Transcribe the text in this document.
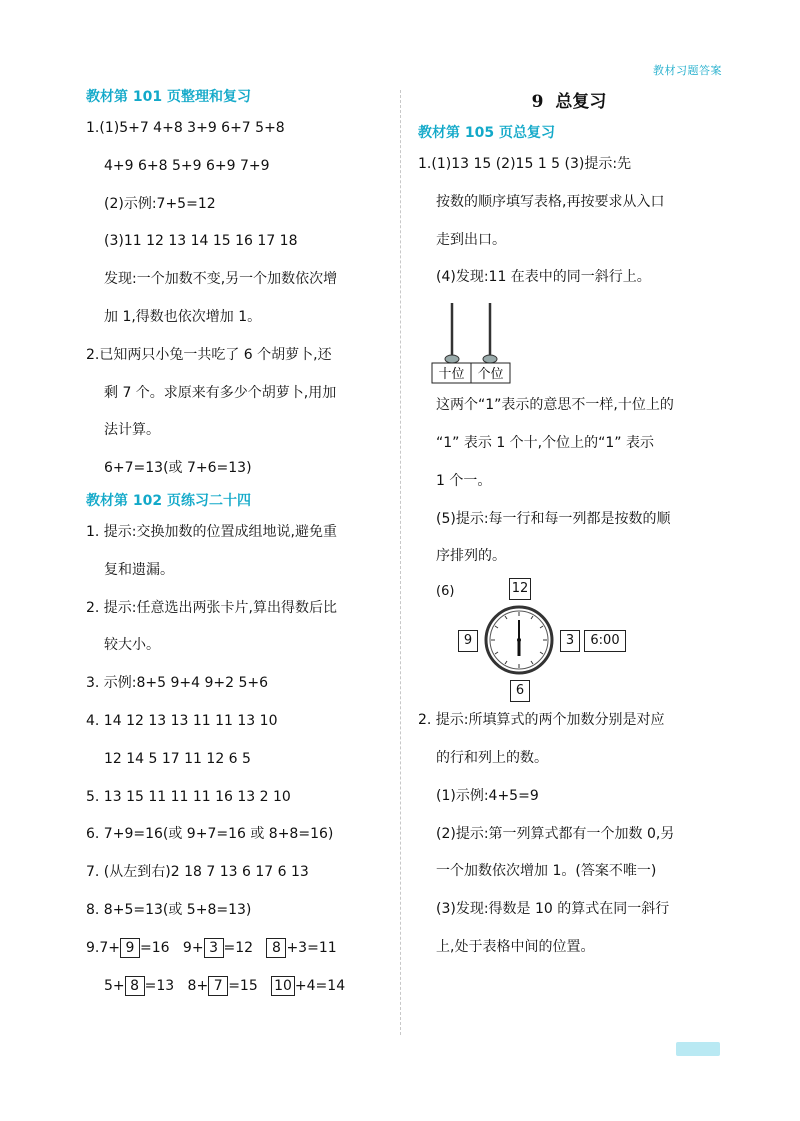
教材习题答案
教材第 101 页整理和复习
1.(1)5+7 4+8 3+9 6+7 5+8
4+9 6+8 5+9 6+9 7+9
(2)示例:7+5=12
(3)11 12 13 14 15 16 17 18
发现:一个加数不变,另一个加数依次增
加 1,得数也依次增加 1。
2.已知两只小兔一共吃了 6 个胡萝卜,还
剩 7 个。求原来有多少个胡萝卜,用加
法计算。
6+7=13(或 7+6=13)
教材第 102 页练习二十四
1. 提示:交换加数的位置成组地说,避免重
复和遗漏。
2. 提示:任意选出两张卡片,算出得数后比
较大小。
3. 示例:8+5 9+4 9+2 5+6
4. 14 12 13 13 11 11 13 10
12 14 5 17 11 12 6 5
5. 13 15 11 11 11 16 13 2 10
6. 7+9=16(或 9+7=16 或 8+8=16)
7. (从左到右)2 18 7 13 6 17 6 13
8. 8+5=13(或 5+8=13)
9.7+ 9 =16 9+ 3 =12 8 +3=11
5+ 8 =13 8+ 7 =15 10 +4=14
9 总复习
教材第 105 页总复习
1.(1)13 15 (2)15 1 5 (3)提示:先
按数的顺序填写表格,再按要求从入口
走到出口。
(4)发现:11 在表中的同一斜行上。
十位 个位
这两个“1”表示的意思不一样,十位上的
“1” 表示 1 个十,个位上的“1” 表示
1 个一。
(5)提示:每一行和每一列都是按数的顺
序排列的。
(6)	12
9	3	6:00
6
2. 提示:所填算式的两个加数分别是对应
的行和列上的数。
(1)示例:4+5=9
(2)提示:第一列算式都有一个加数 0,另
一个加数依次增加 1。(答案不唯一)
(3)发现:得数是 10 的算式在同一斜行
上,处于表格中间的位置。
